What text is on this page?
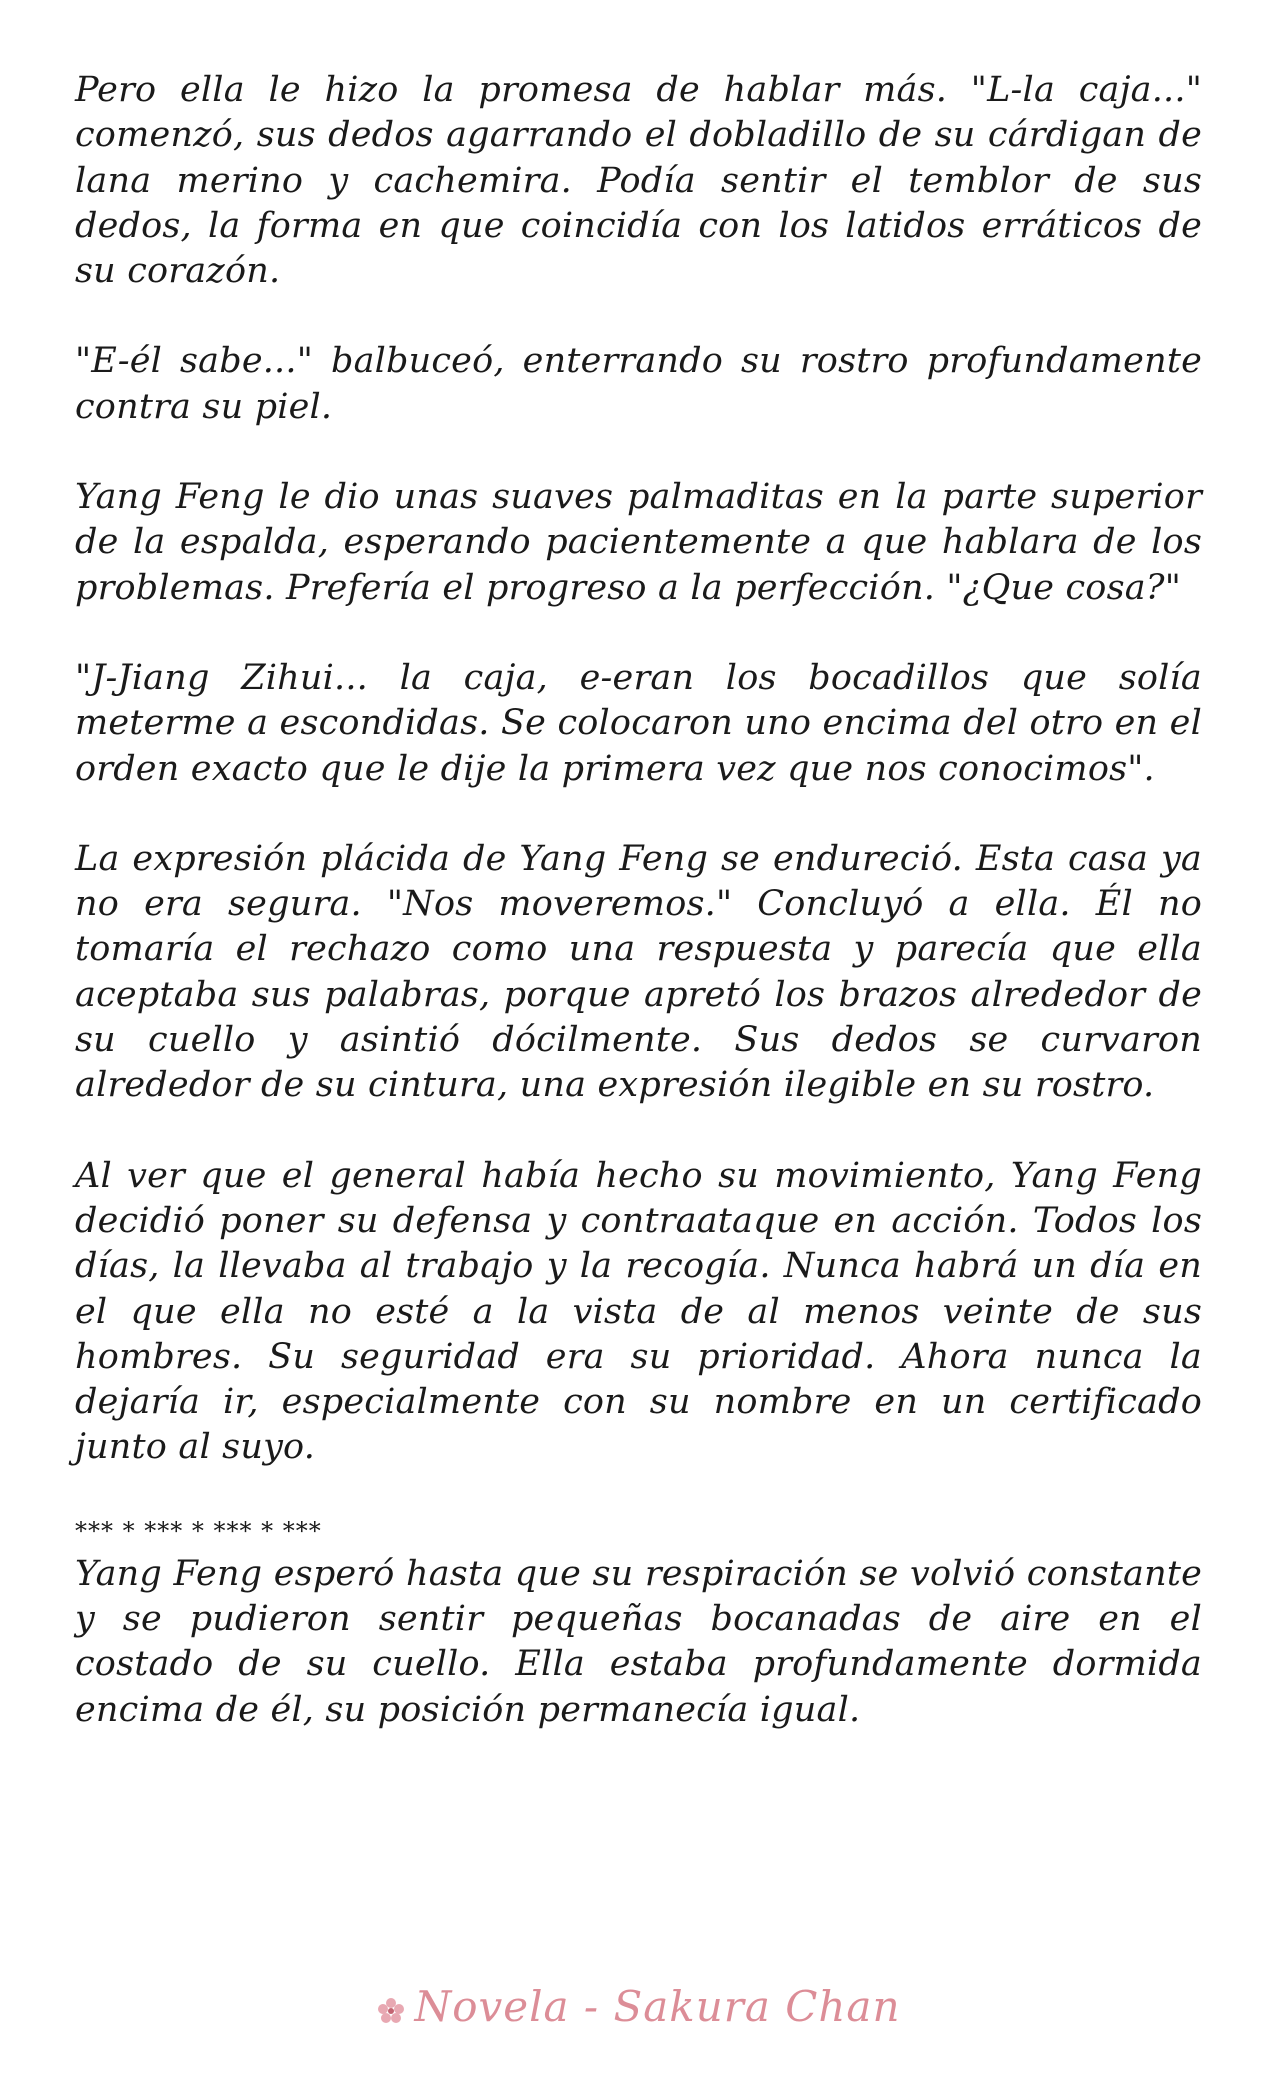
Pero ella le hizo la promesa de hablar más. "L-la caja..." comenzó, sus dedos agarrando el dobladillo de su cárdigan de lana merino y cachemira. Podía sentir el temblor de sus dedos, la forma en que coincidía con los latidos erráticos de su corazón.

"E-él sabe..." balbuceó, enterrando su rostro profundamente contra su piel.

Yang Feng le dio unas suaves palmaditas en la parte superior de la espalda, esperando pacientemente a que hablara de los problemas. Prefería el progreso a la perfección. "¿Que cosa?"

"J-Jiang Zihui... la caja, e-eran los bocadillos que solía meterme a escondidas. Se colocaron uno encima del otro en el orden exacto que le dije la primera vez que nos conocimos".

La expresión plácida de Yang Feng se endureció. Esta casa ya no era segura. "Nos moveremos." Concluyó a ella. Él no tomaría el rechazo como una respuesta y parecía que ella aceptaba sus palabras, porque apretó los brazos alrededor de su cuello y asintió dócilmente. Sus dedos se curvaron alrededor de su cintura, una expresión ilegible en su rostro.

Al ver que el general había hecho su movimiento, Yang Feng decidió poner su defensa y contraataque en acción. Todos los días, la llevaba al trabajo y la recogía. Nunca habrá un día en el que ella no esté a la vista de al menos veinte de sus hombres. Su seguridad era su prioridad. Ahora nunca la dejaría ir, especialmente con su nombre en un certificado junto al suyo.

*** * *** * *** * ***

Yang Feng esperó hasta que su respiración se volvió constante y se pudieron sentir pequeñas bocanadas de aire en el costado de su cuello. Ella estaba profundamente dormida encima de él, su posición permanecía igual.

Novela - Sakura Chan
